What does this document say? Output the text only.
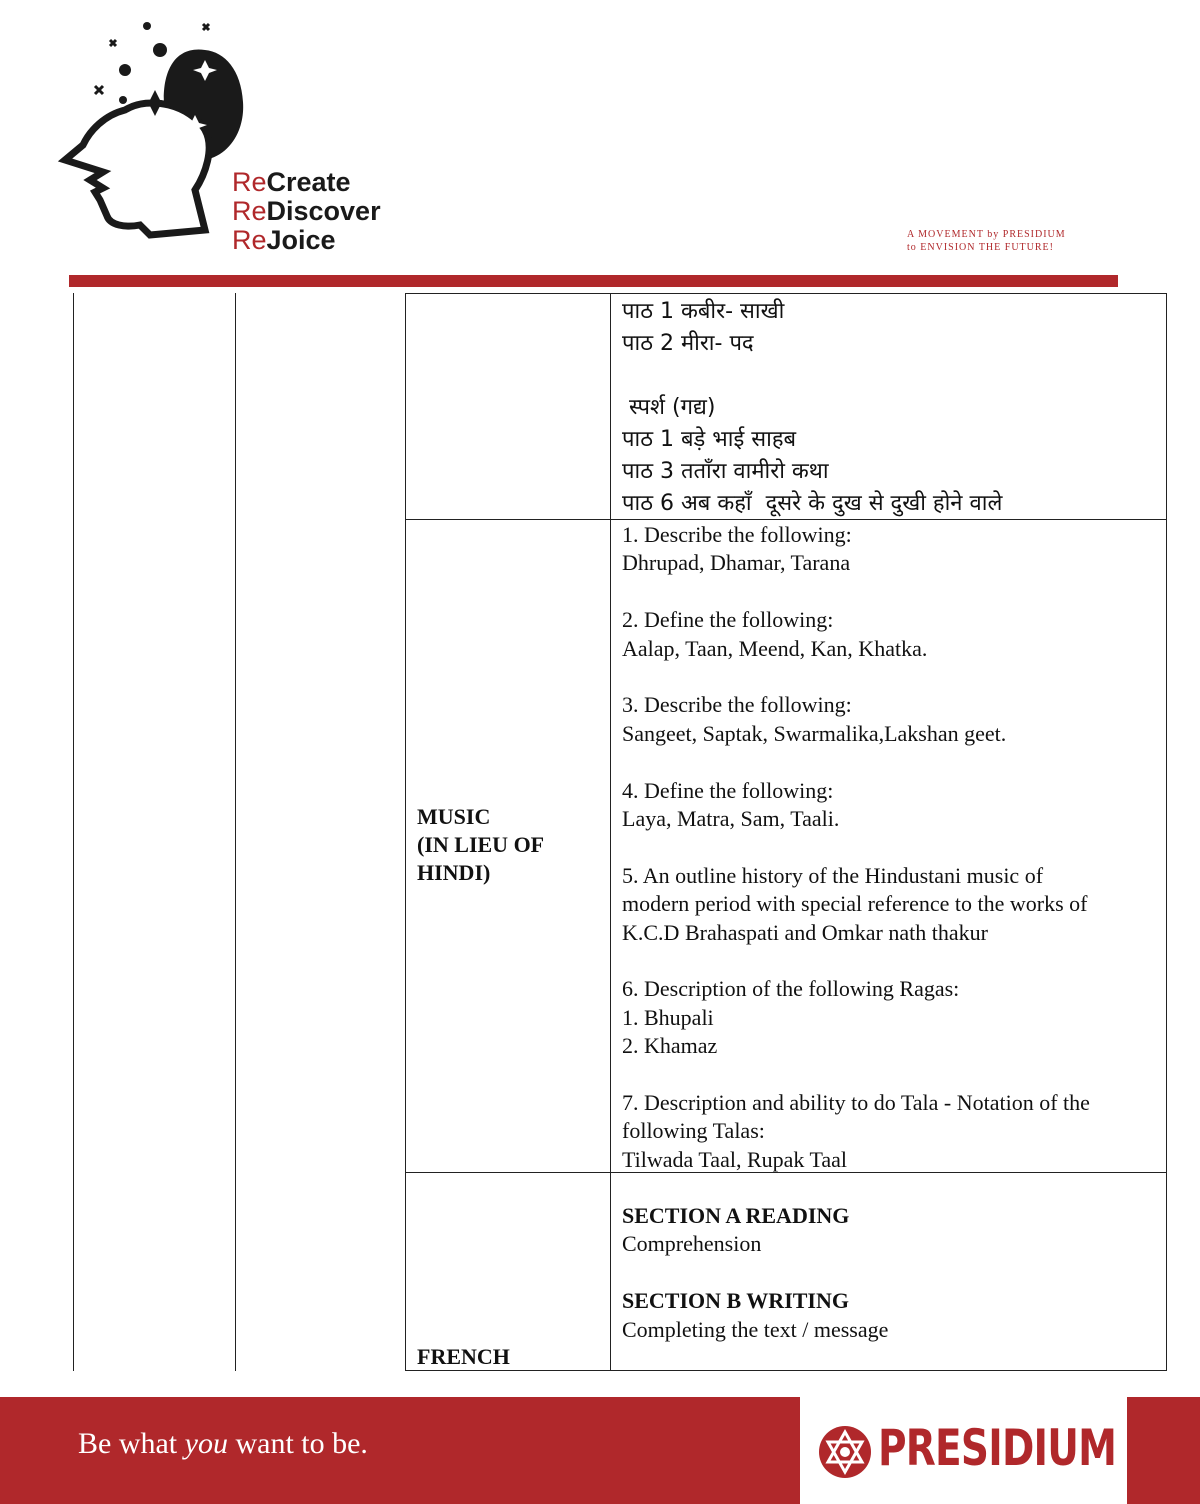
ReCreate
ReDiscover
ReJoice	A MOVEMENT by PRESIDIUM
to ENVISION THE FUTURE!
पाठ 1 कबीर- साखी
पाठ 2 मीरा- पद
स्पर्श (गद्य)
पाठ 1 बड़े भाई साहब
पाठ 3 तताँरा वामीरो कथा
पाठ 6 अब कहाँ  दूसरे के दुख से दुखी होने वाले
MUSIC
(IN LIEU OF
HINDI)
1. Describe the following:
Dhrupad, Dhamar, Tarana
2. Define the following:
Aalap, Taan, Meend, Kan, Khatka.
3. Describe the following:
Sangeet, Saptak, Swarmalika,Lakshan geet.
4. Define the following:
Laya, Matra, Sam, Taali.
5. An outline history of the Hindustani music of
modern period with special reference to the works of
K.C.D Brahaspati and Omkar nath thakur
6. Description of the following Ragas:
1. Bhupali
2. Khamaz
7. Description and ability to do Tala - Notation of the
following Talas:
Tilwada Taal, Rupak Taal
FRENCH
SECTION A READING
Comprehension
SECTION B WRITING
Completing the text / message
Be what you want to be.	PRESIDIUM
